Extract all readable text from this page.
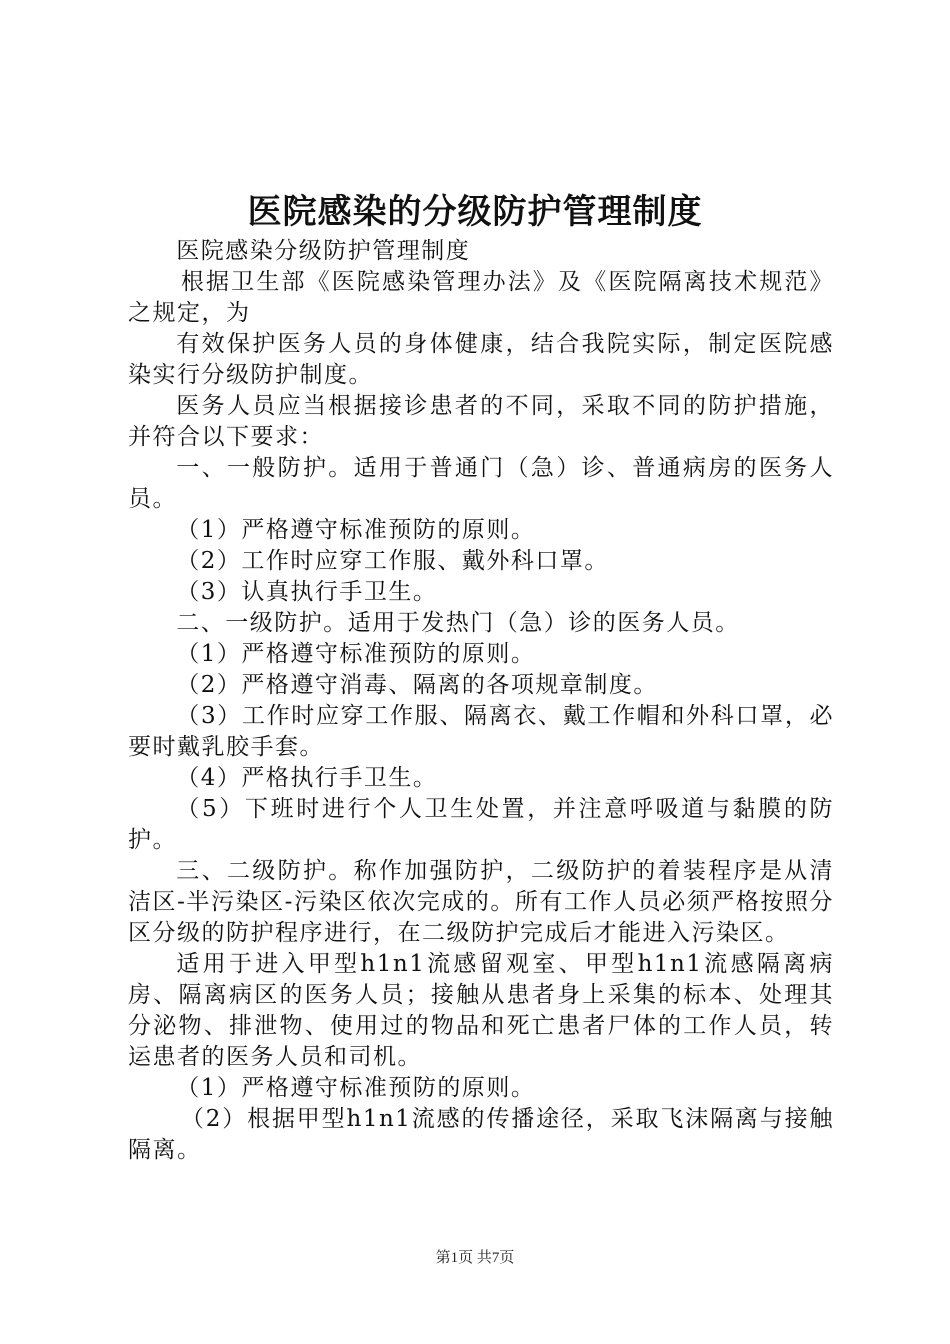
医院感染的分级防护管理制度

医院感染分级防护管理制度

根据卫生部《医院感染管理办法》及《医院隔离技术规范》之规定，为

有效保护医务人员的身体健康，结合我院实际，制定医院感染实行分级防护制度。

医务人员应当根据接诊患者的不同，采取不同的防护措施，并符合以下要求：

一、一般防护。适用于普通门（急）诊、普通病房的医务人员。

（1）严格遵守标准预防的原则。

（2）工作时应穿工作服、戴外科口罩。

（3）认真执行手卫生。

二、一级防护。适用于发热门（急）诊的医务人员。

（1）严格遵守标准预防的原则。

（2）严格遵守消毒、隔离的各项规章制度。

（3）工作时应穿工作服、隔离衣、戴工作帽和外科口罩，必要时戴乳胶手套。

（4）严格执行手卫生。

（5）下班时进行个人卫生处置，并注意呼吸道与黏膜的防护。

三、二级防护。称作加强防护，二级防护的着装程序是从清洁区-半污染区-污染区依次完成的。所有工作人员必须严格按照分区分级的防护程序进行，在二级防护完成后才能进入污染区。

适用于进入甲型h1n1流感留观室、甲型h1n1流感隔离病房、隔离病区的医务人员；接触从患者身上采集的标本、处理其分泌物、排泄物、使用过的物品和死亡患者尸体的工作人员，转运患者的医务人员和司机。

（1）严格遵守标准预防的原则。

（2）根据甲型h1n1流感的传播途径，采取飞沫隔离与接触隔离。

第1页 共7页
